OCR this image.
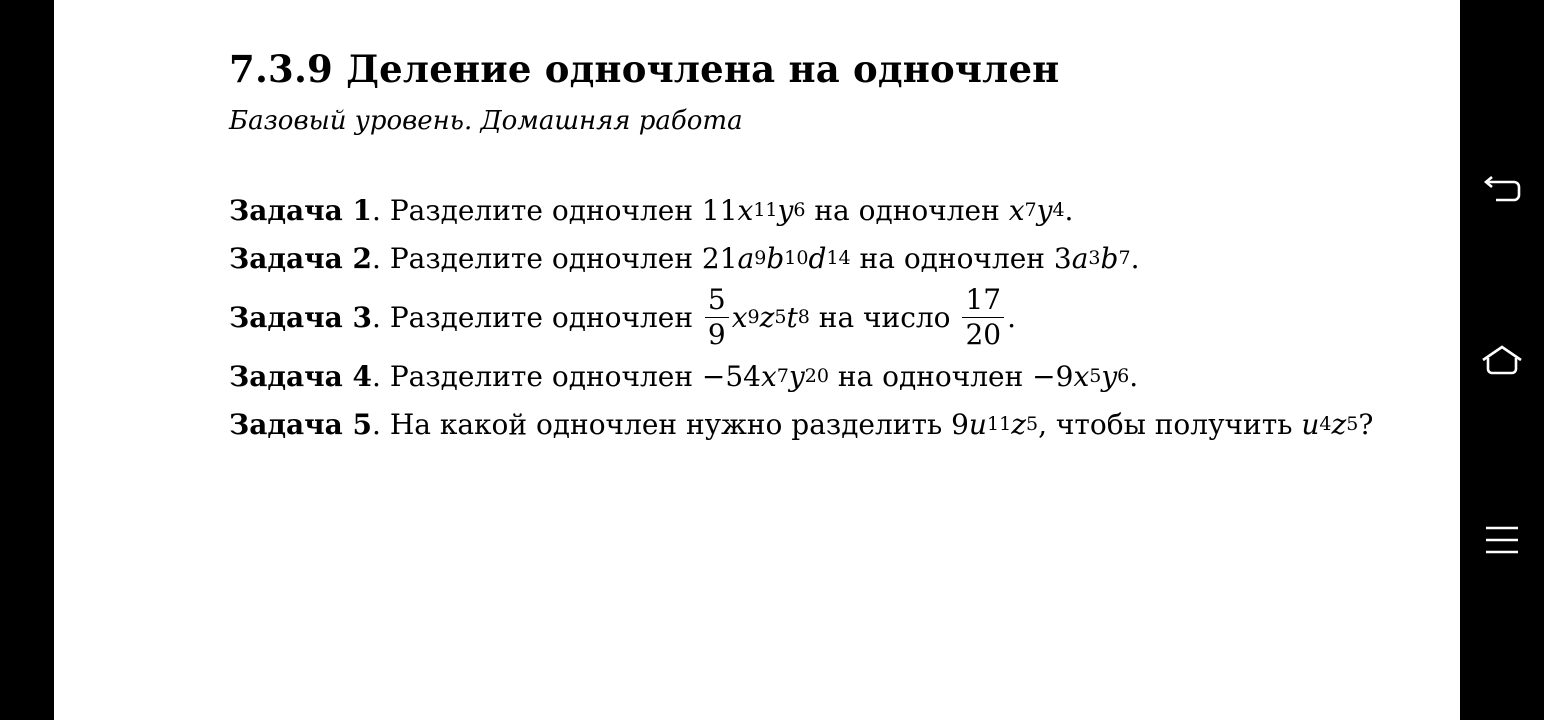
7.3.9 Деление одночлена на одночлен
Базовый уровень. Домашняя работа
Задача 1 . Разделите одночлен 11 x 11 y 6 на одночлен x 7 y 4 .
Задача 2 . Разделите одночлен 21 a 9 b 10 d 14 на одночлен 3 a 3 b 7 .
Задача 3 . Разделите одночлен $\frac{5}{9}$ x 9 z 5 t 8 на число $\frac{17}{20}$ .
Задача 4 . Разделите одночлен −54 x 7 y 20 на одночлен −9 x 5 y 6 .
Задача 5 . На какой одночлен нужно разделить 9 u 11 z 5 , чтобы получить u 4 z 5 ?
